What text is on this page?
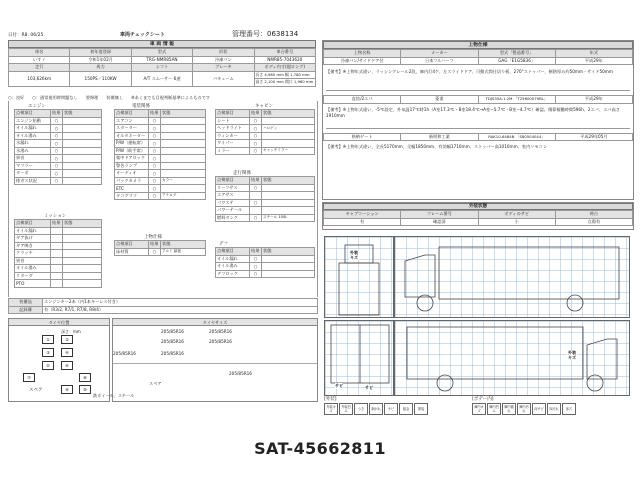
日付：R8. 06/25	車両チェックシート	管理番号：0638134
車 両 情 報
車名	初年度登録	型式	形状	車台番号
いすゞ	令和1年02月	TRG-NMR85AN	冷凍バン	NMR85-7043620
走行	馬力	シフト	ブレーキ	ボディ内寸(超ロング)
103,626km	150PS／110KW	A/T スムーサー 6速	バキューム	長さ 4,960 mm 幅 1,780 mm
				高さ 2,100 mm 開口 1,960 mm
○：良好 ○：通常使用時問題なし 要修理 装備無し ※あくまでも目視判断基準によるものです
エンジン
点検項目	結果	状態
エンジン始動	○	
オイル漏れ	○	
オイル滲み	○	
水漏れ	○	
水滲み	○	
異音	○	
マフラー	○	
ターボ	○	
排ガス状況	○	
電装関係
点検項目	結果	状態
エアコン	○	
スターター	○	
オルタネーター	○	
P/W（運転席）	○	
P/W（助手席）	○	
集中ドアロック	○	
警告ランプ	○	
オーディオ	○	
バックカメラ	○	カラー
ETC	○	
タコグラフ	○	アナログ
キャビン
点検項目	結果	状態
シート	○	
ヘッドライト	○	ハロゲン
ウィンカー	○	
ワイパー	○	
ミラー	○	キャッチミラー
走行関係
点検項目	結果	状態
リーフサス	○	
エアサス		
パワステ	○	
パワーテール		
燃料タンク	○	スチール 100L
上物仕様
点検項目	結果	状態
床材質	○	アルミ 縞板
デフ
点検項目	結果	状態
オイル漏れ	○	
オイル滲み	○	
デフロック	○	
ミッション
点検項目	結果	状態
オイル漏れ		
ギア抜け		
ギア鳴き		
クラッチ		
異音		
オイル滲み		
リターダ		
PTO		
装備品	エンジンキー2本（内1本キーレス付き）
記録簿	有（R3/2, R7/1, R7/8, R8/4）
タイヤ位置
深さ：mm
①	②
③	④
⑤	⑥
⑦	⑧
⑨	⑩
スペア
タイヤサイズ
205/85R16	205/85R16
205/85R16	205/85R16
205/85R16	205/85R16
スペア
205/85R16
鉄ホイール，スチール
上物仕様
上物名称	メーカー	型式「製造番号」	年式
冷凍バン/サイドドア付	日本フルハーフ	GAG「E1G5836」	平成29年
【備考】※上物年式違い、ラッシングレール2段、庫内灯4ケ、左スライドドア、可動式間仕切り板、270°ストッパー、断熱厚み約50mm・サイド50mm
直結/2エバ	菱重	TDJS35A-1.2M 「T25600079BL」	平成29年
【備考】※上物年式違い、-5℃設定、外気温17℃時1h（A室17.3℃・B室18.4℃→A室−5.7℃・B室−4.7℃）確認。積算稼働時間596h、2エバ、エバ高さ1910mm
格納ゲート	新明和工業	RAK10-6484N 「S80504044」	平成29年05月
【備考】※上物年式違い、全長5170mm、全幅1850mm、有効幅1710mm、ストッパー高1010mm、室内リモコン
外装状態
キャブコーション	フレーム番号	ボディのサビ	荷台
有	確認済	小	点傷有
外装キズ
サビ	サビ
外装キズ
[外装]
外装キズ
外装凹み	うき	剥がれ	サビ	板金	塗装
[ボデー内]
庫内キズ
庫内凹み
庫内割れ
庫内汚れ	床サビ	床汚れ	床穴
SAT-45662811
